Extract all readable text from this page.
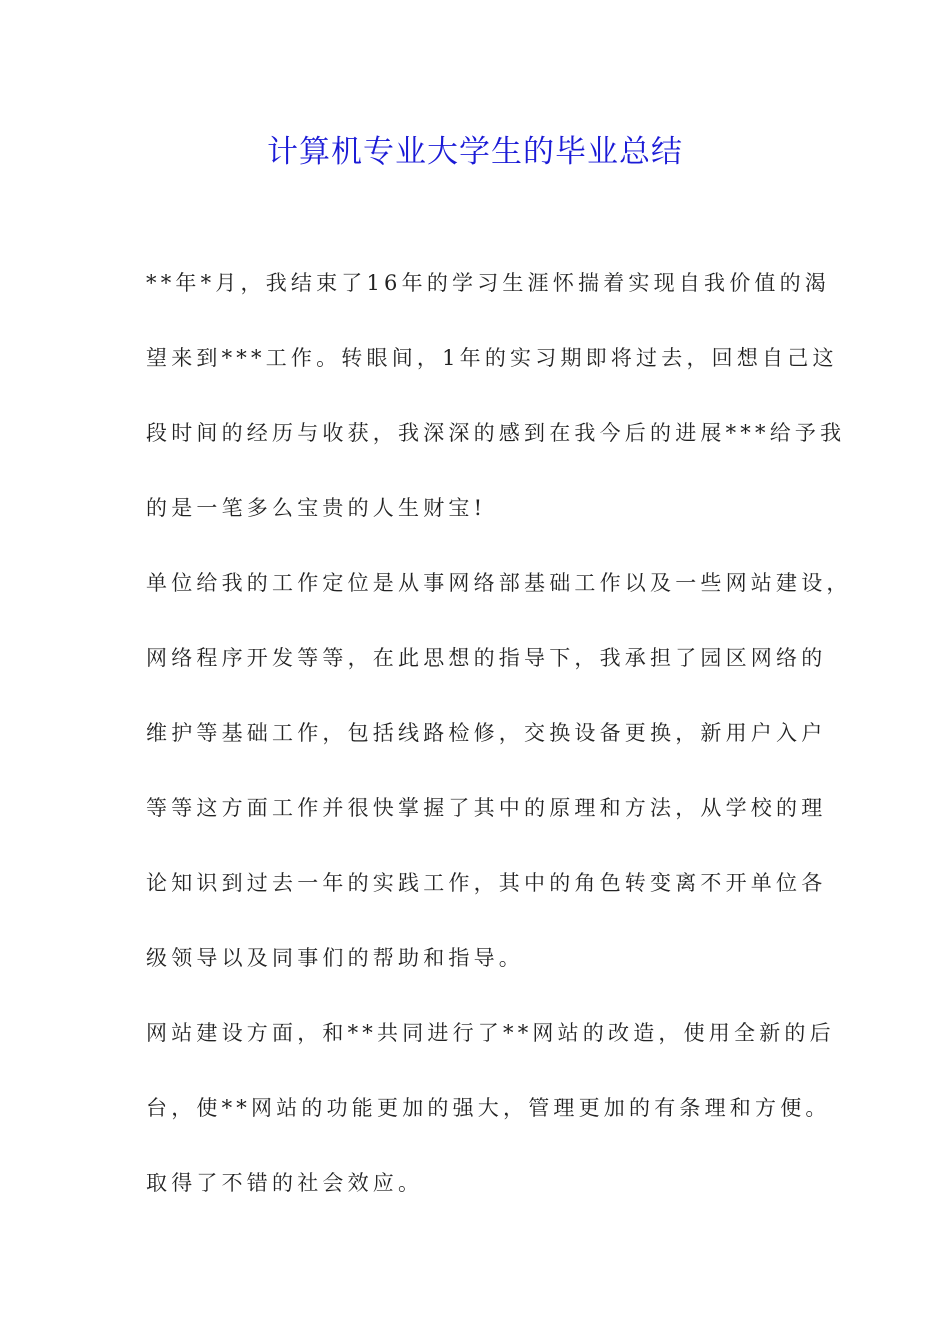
计算机专业大学生的毕业总结

**年*月，我结束了16年的学习生涯怀揣着实现自我价值的渴

望来到***工作。转眼间，1年的实习期即将过去，回想自己这

段时间的经历与收获，我深深的感到在我今后的进展***给予我

的是一笔多么宝贵的人生财宝!

单位给我的工作定位是从事网络部基础工作以及一些网站建设，

网络程序开发等等，在此思想的指导下，我承担了园区网络的

维护等基础工作，包括线路检修，交换设备更换，新用户入户

等等这方面工作并很快掌握了其中的原理和方法，从学校的理

论知识到过去一年的实践工作，其中的角色转变离不开单位各

级领导以及同事们的帮助和指导。

网站建设方面，和**共同进行了**网站的改造，使用全新的后

台，使**网站的功能更加的强大，管理更加的有条理和方便。

取得了不错的社会效应。
